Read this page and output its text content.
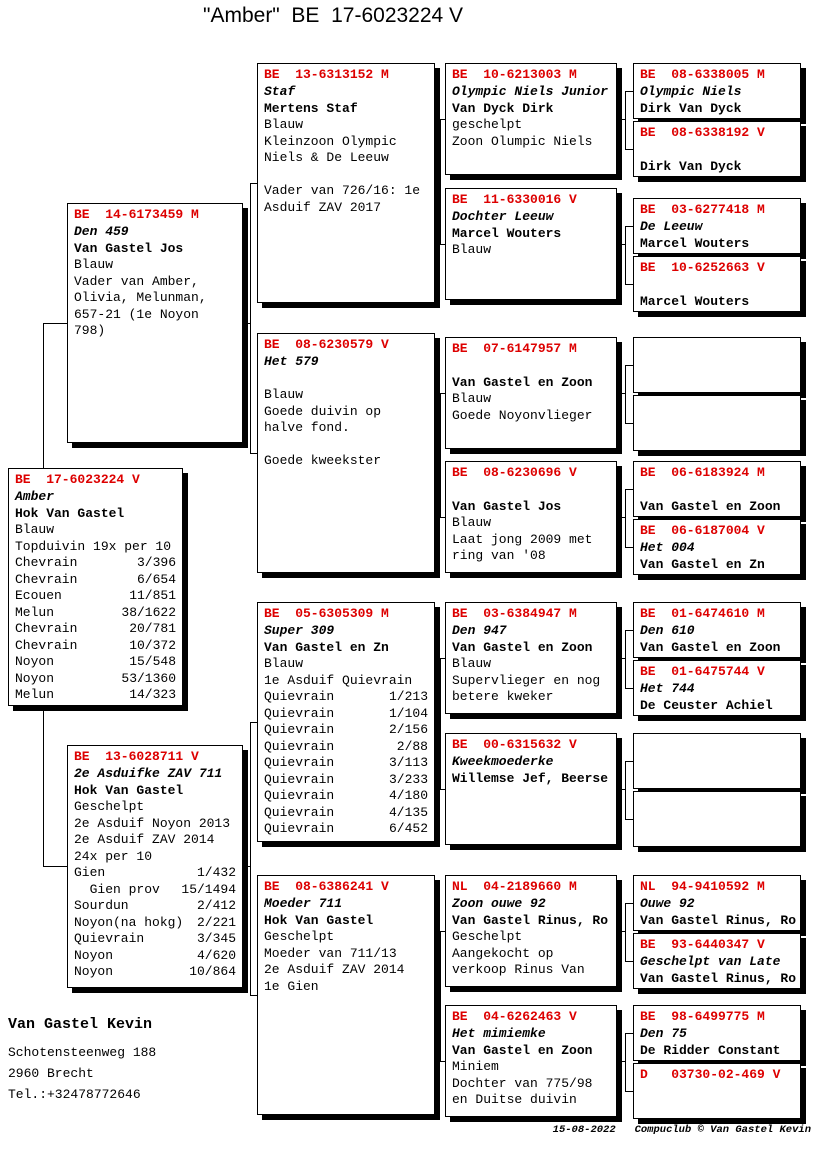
"Amber"  BE  17-6023224 V
BE  17-6023224 V
Amber
Hok Van Gastel
Blauw
Topduivin 19x per 10
Chevrain	3/396
Chevrain	6/654
Ecouen	11/851
Melun	38/1622
Chevrain	20/781
Chevrain	10/372
Noyon	15/548
Noyon	53/1360
Melun	14/323
BE  14-6173459 M
Den 459
Van Gastel Jos
Blauw
Vader van Amber,
Olivia, Melunman,
657-21 (1e Noyon
798)
BE  13-6028711 V
2e Asduifke ZAV 711
Hok Van Gastel
Geschelpt
2e Asduif Noyon 2013
2e Asduif ZAV 2014
24x per 10
Gien	1/432
Gien prov 15/1494
Sourdun	2/412
Noyon(na hokg) 2/221
Quievrain	3/345
Noyon	4/620
Noyon	10/864
BE  13-6313152 M
Staf
Mertens Staf
Blauw
Kleinzoon Olympic
Niels & De Leeuw

Vader van 726/16: 1e
Asduif ZAV 2017
BE  08-6230579 V
Het 579

Blauw
Goede duivin op
halve fond.

Goede kweekster
BE  05-6305309 M
Super 309
Van Gastel en Zn
Blauw
1e Asduif Quievrain
Quievrain	1/213
Quievrain	1/104
Quievrain	2/156
Quievrain	2/88
Quievrain	3/113
Quievrain	3/233
Quievrain	4/180
Quievrain	4/135
Quievrain	6/452
BE  08-6386241 V
Moeder 711
Hok Van Gastel
Geschelpt
Moeder van 711/13
2e Asduif ZAV 2014
1e Gien
BE  10-6213003 M
Olympic Niels Junior
Van Dyck Dirk
geschelpt
Zoon Olumpic Niels
BE  11-6330016 V
Dochter Leeuw
Marcel Wouters
Blauw
BE  07-6147957 M

Van Gastel en Zoon
Blauw
Goede Noyonvlieger
BE  08-6230696 V

Van Gastel Jos
Blauw
Laat jong 2009 met
ring van '08
BE  03-6384947 M
Den 947
Van Gastel en Zoon
Blauw
Supervlieger en nog
betere kweker
BE  00-6315632 V
Kweekmoederke
Willemse Jef, Beerse
NL  04-2189660 M
Zoon ouwe 92
Van Gastel Rinus, Ro
Geschelpt
Aangekocht op
verkoop Rinus Van
BE  04-6262463 V
Het mimiemke
Van Gastel en Zoon
Miniem
Dochter van 775/98
en Duitse duivin
BE  08-6338005 M
Olympic Niels
Dirk Van Dyck
BE  08-6338192 V

Dirk Van Dyck
BE  03-6277418 M
De Leeuw
Marcel Wouters
BE  10-6252663 V

Marcel Wouters
BE  06-6183924 M

Van Gastel en Zoon
BE  06-6187004 V
Het 004
Van Gastel en Zn
BE  01-6474610 M
Den 610
Van Gastel en Zoon
BE  01-6475744 V
Het 744
De Ceuster Achiel
NL  94-9410592 M
Ouwe 92
Van Gastel Rinus, Ro
BE  93-6440347 V
Geschelpt van Late
Van Gastel Rinus, Ro
BE  98-6499775 M
Den 75
De Ridder Constant
D   03730-02-469 V
Van Gastel Kevin
Schotensteenweg 188
2960 Brecht
Tel.:+32478772646
15-08-2022 Compuclub © Van Gastel Kevin
